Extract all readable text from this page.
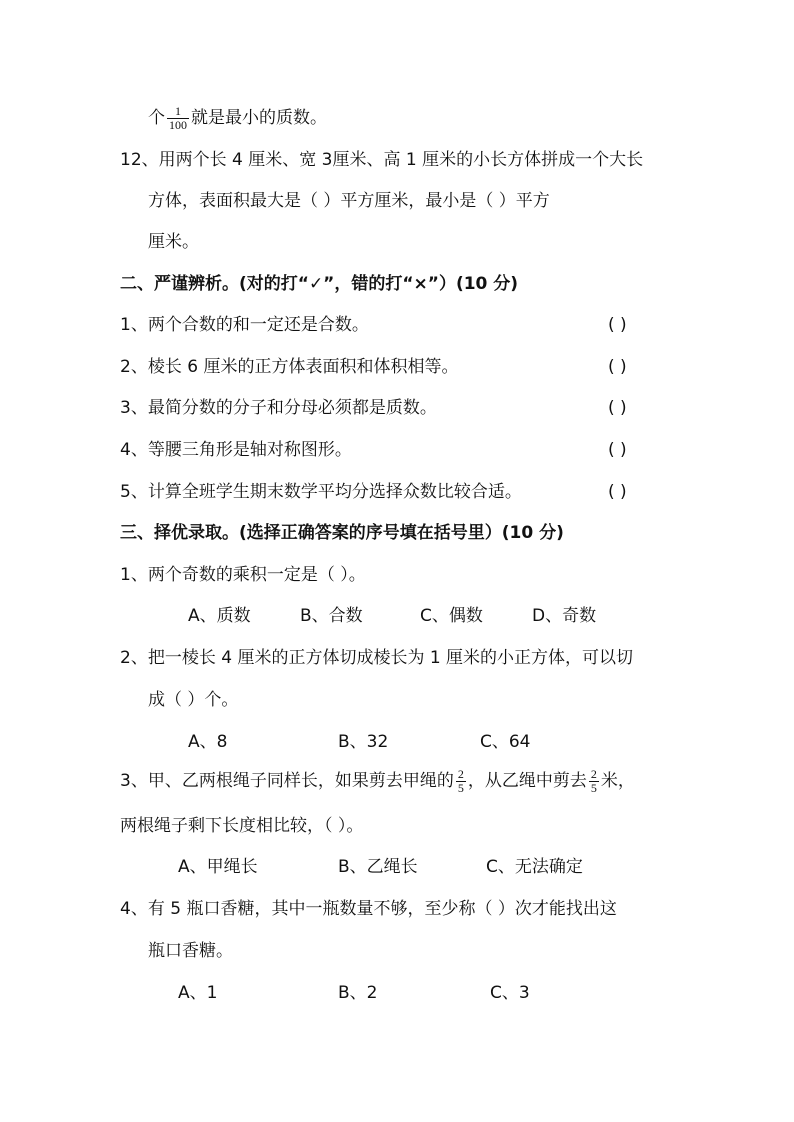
个 $\frac{1}{100}$ 就是最小的质数。
12、用两个长 4 厘米、宽 3厘米、高 1 厘米的小长方体拼成一个大长
方体，表面积最大是（ ）平方厘米，最小是（ ）平方
厘米。
二、严谨辨析。(对的打“✓”，错的打“×”）(10 分)
1、两个合数的和一定还是合数。	( )
2、棱长 6 厘米的正方体表面积和体积相等。	( )
3、最简分数的分子和分母必须都是质数。	( )
4、等腰三角形是轴对称图形。	( )
5、计算全班学生期末数学平均分选择众数比较合适。	( )
三、择优录取。(选择正确答案的序号填在括号里）(10 分)
1、两个奇数的乘积一定是（ ）。
A、质数	B、合数	C、偶数	D、奇数
2、把一棱长 4 厘米的正方体切成棱长为 1 厘米的小正方体，可以切
成（ ）个。
A、8	B、32	C、64
3、甲、乙两根绳子同样长，如果剪去甲绳的 $\frac{2}{5}$ ，从乙绳中剪去 $\frac{2}{5}$ 米，
两根绳子剩下长度相比较，（ ）。
A、甲绳长	B、乙绳长	C、无法确定
4、有 5 瓶口香糖，其中一瓶数量不够，至少称（ ）次才能找出这
瓶口香糖。
A、1	B、2	C、3
